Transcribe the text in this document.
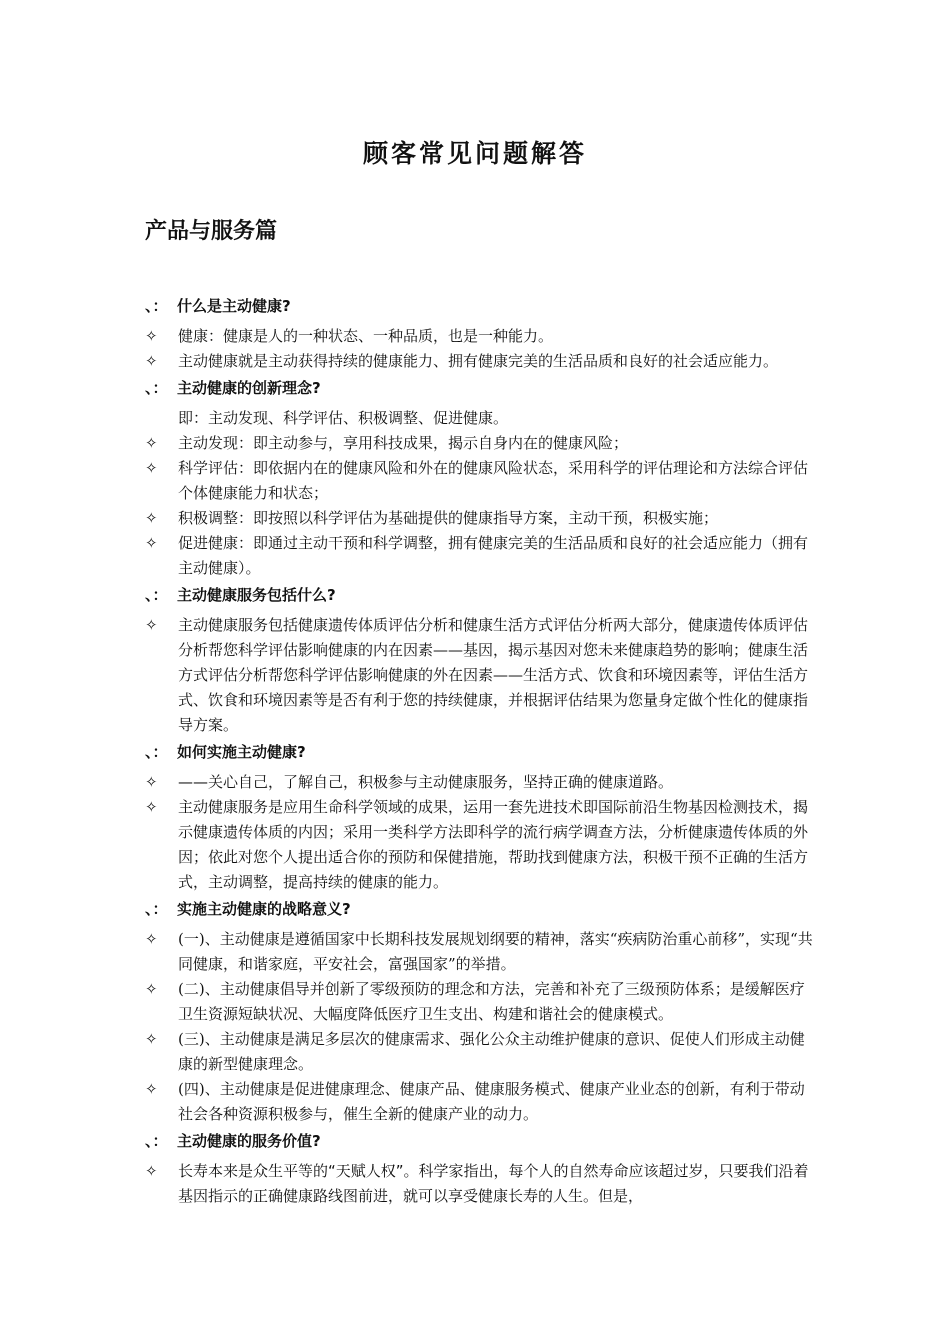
顾客常见问题解答
产品与服务篇
、： 什么是主动健康?
✧	健康：健康是人的一种状态、一种品质，也是一种能力。
✧	主动健康就是主动获得持续的健康能力、拥有健康完美的生活品质和良好的社会适应能力。
、： 主动健康的创新理念?
即：主动发现、科学评估、积极调整、促进健康。
✧	主动发现：即主动参与，享用科技成果，揭示自身内在的健康风险；
✧	科学评估：即依据内在的健康风险和外在的健康风险状态，采用科学的评估理论和方法综合评估个体健康能力和状态；
✧	积极调整：即按照以科学评估为基础提供的健康指导方案，主动干预，积极实施；
✧	促进健康：即通过主动干预和科学调整，拥有健康完美的生活品质和良好的社会适应能力（拥有主动健康）。
、： 主动健康服务包括什么?
✧	主动健康服务包括健康遗传体质评估分析和健康生活方式评估分析两大部分，健康遗传体质评估分析帮您科学评估影响健康的内在因素——基因，揭示基因对您未来健康趋势的影响；健康生活方式评估分析帮您科学评估影响健康的外在因素——生活方式、饮食和环境因素等，评估生活方式、饮食和环境因素等是否有利于您的持续健康，并根据评估结果为您量身定做个性化的健康指导方案。
、： 如何实施主动健康?
✧	——关心自己，了解自己，积极参与主动健康服务，坚持正确的健康道路。
✧	主动健康服务是应用生命科学领域的成果，运用一套先进技术即国际前沿生物基因检测技术，揭示健康遗传体质的内因；采用一类科学方法即科学的流行病学调查方法，分析健康遗传体质的外因；依此对您个人提出适合你的预防和保健措施，帮助找到健康方法，积极干预不正确的生活方式，主动调整，提高持续的健康的能力。
、： 实施主动健康的战略意义?
✧	(一)、主动健康是遵循国家中长期科技发展规划纲要的精神，落实“疾病防治重心前移”，实现“共同健康，和谐家庭，平安社会，富强国家”的举措。
✧	(二)、主动健康倡导并创新了零级预防的理念和方法，完善和补充了三级预防体系；是缓解医疗卫生资源短缺状况、大幅度降低医疗卫生支出、构建和谐社会的健康模式。
✧	(三)、主动健康是满足多层次的健康需求、强化公众主动维护健康的意识、促使人们形成主动健康的新型健康理念。
✧	(四)、主动健康是促进健康理念、健康产品、健康服务模式、健康产业业态的创新，有利于带动社会各种资源积极参与，催生全新的健康产业的动力。
、： 主动健康的服务价值?
✧	长寿本来是众生平等的“天赋人权”。科学家指出，每个人的自然寿命应该超过岁，只要我们沿着基因指示的正确健康路线图前进，就可以享受健康长寿的人生。但是，
